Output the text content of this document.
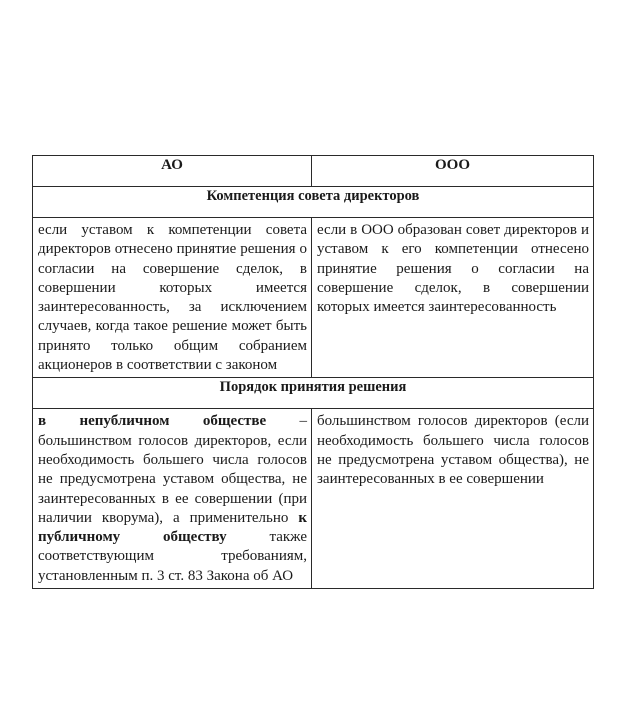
АО	ООО
Компетенция совета директоров	

если уставом к компетенции совета директоров отнесено принятие решения о согласии на совершение сделок, в совершении которых имеется заинтересованность, за исключением случаев, когда такое решение может быть принято только общим собранием акционеров в соответствии с законом	если в ООО образован совет директоров и уставом к его компетенции отнесено принятие решения о согласии на совершение сделок, в совершении которых имеется заинтересованность

Порядок принятия решения	

в непубличном обществе – большинством голосов директоров, если необходимость большего числа голосов не предусмотрена уставом общества, не заинтересованных в ее совершении (при наличии кворума), а применительно к публичному обществу также соответствующим требованиям, установленным п. 3 ст. 83 Закона об АО	большинством голосов директоров (если необходимость большего числа голосов не предусмотрена уставом общества), не заинтересованных в ее совершении
